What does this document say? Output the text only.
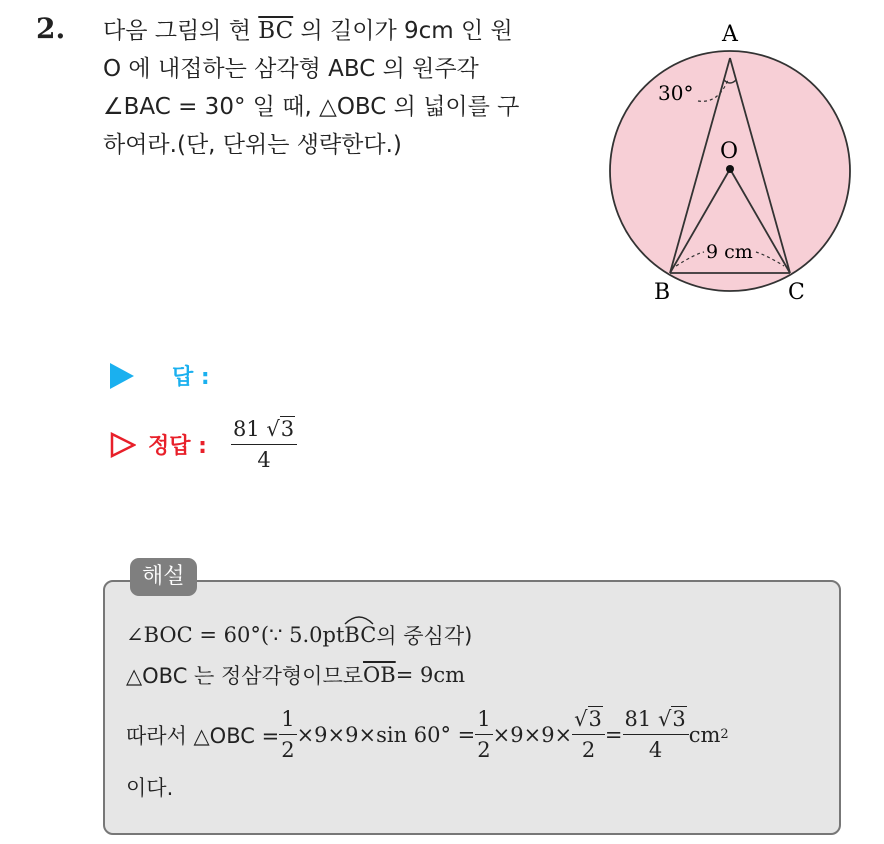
2. 다음 그림의 현 $\overline{BC}$ 의 길이가 9cm 인 원
O 에 내접하는 삼각형 ABC 의 원주각
∠BAC = 30° 일 때, △OBC 의 넓이를 구
하여라.(단, 단위는 생략한다.)
A
B	C
O
30°
9 cm
답 :
정답 : $\frac{81 √3}{4}$
해설
∠BOC = 60°(∵ 5.0pt BC 의 중심각)
△OBC 는 정삼각형이므로 $\overline{OB} = 9cm$
따라서 △OBC = $\frac{1}{2} \times 9\times 9\times\sin$ $60^\circ = \frac{1}{2} \times 9\times 9\times \frac{√3}{2} = \frac{81 √3}{4}$ cm 2
이다.
